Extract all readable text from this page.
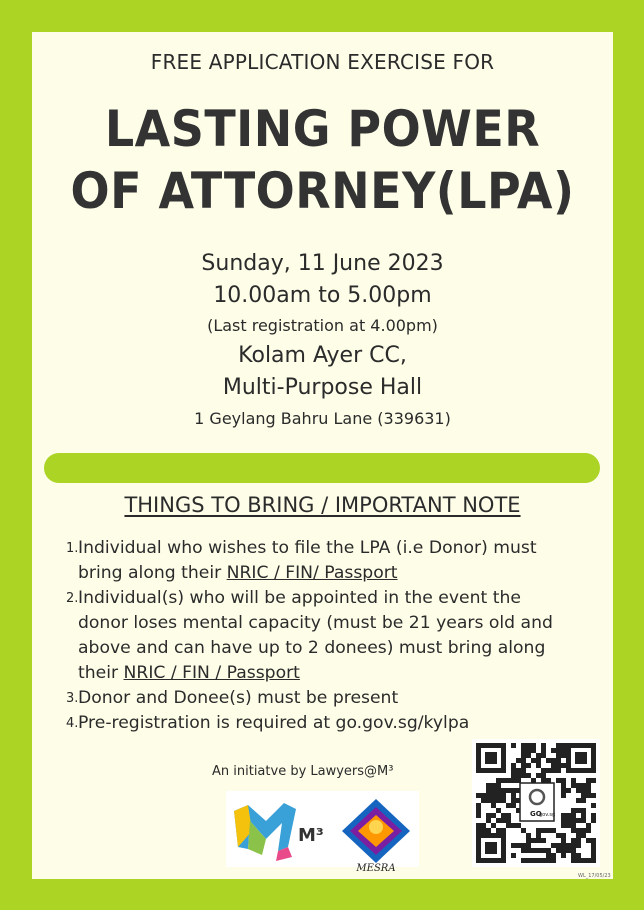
FREE APPLICATION EXERCISE FOR
LASTING POWER
OF ATTORNEY(LPA)
Sunday, 11 June 2023
10.00am to 5.00pm
(Last registration at 4.00pm)
Kolam Ayer CC,
Multi-Purpose Hall
1 Geylang Bahru Lane (339631)
THINGS TO BRING / IMPORTANT NOTE
1. Individual who wishes to file the LPA (i.e Donor) must
bring along their NRIC / FIN/ Passport
2. Individual(s) who will be appointed in the event the
donor loses mental capacity (must be 21 years old and
above and can have up to 2 donees) must bring along
their NRIC / FIN / Passport
3. Donor and Donee(s) must be present
4. Pre-registration is required at go.gov.sg/kylpa
An initiatve by Lawyers@M³
M³
MESRA
GO
gov.sg
WL_17/05/23
